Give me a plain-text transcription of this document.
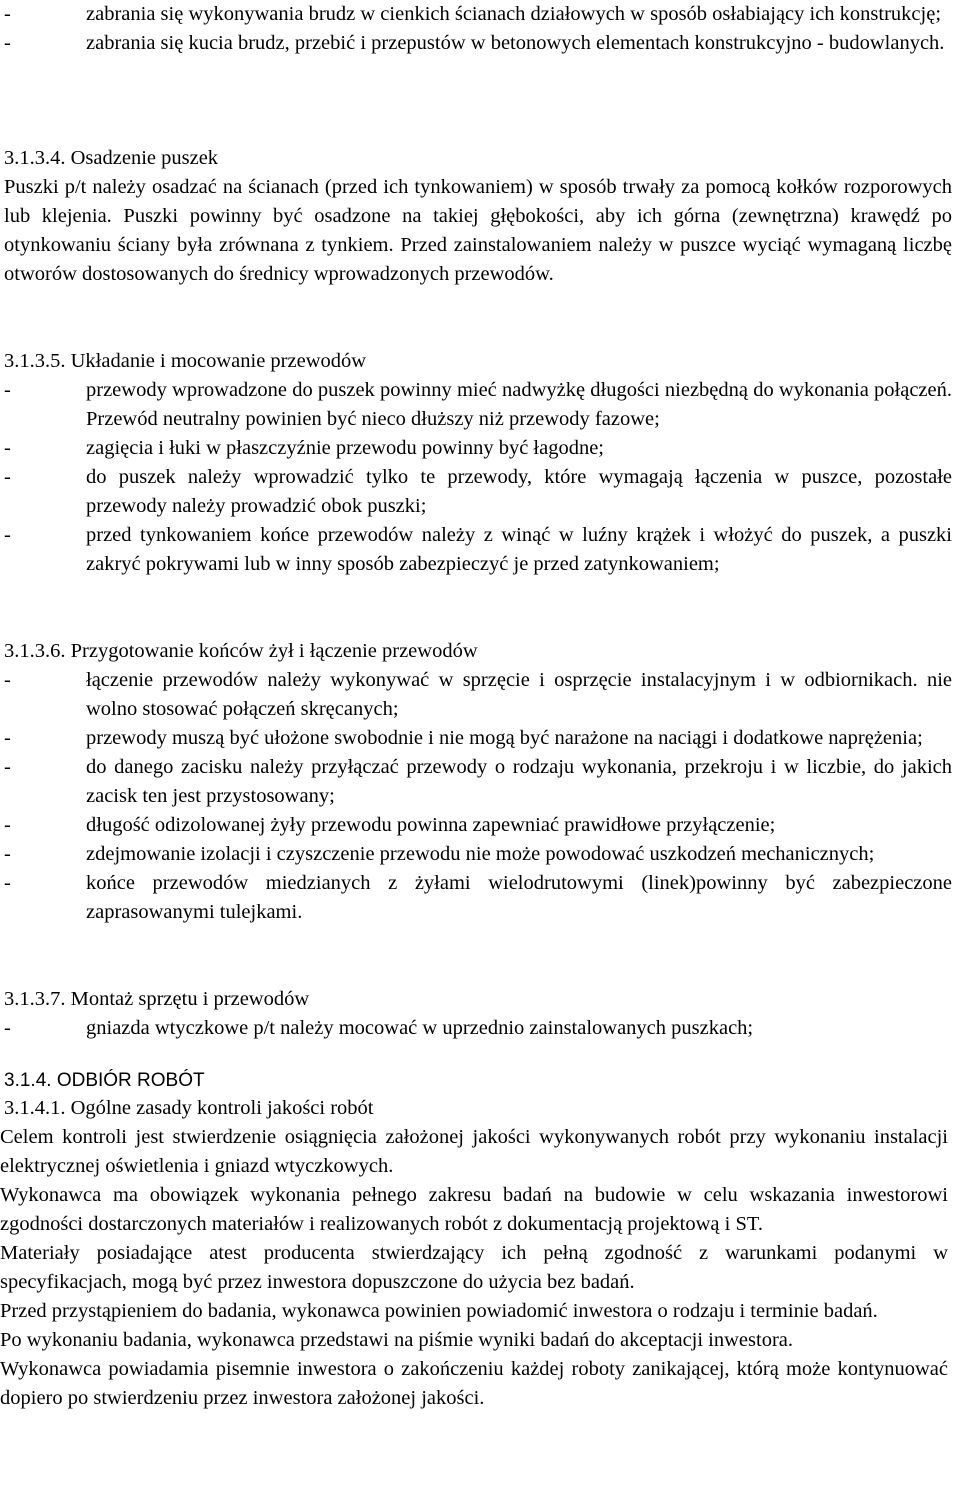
-	zabrania się wykonywania brudz w cienkich ścianach działowych w sposób osłabiający ich konstrukcję;
-	zabrania się kucia brudz, przebić i przepustów w betonowych elementach konstrukcyjno - budowlanych.

3.1.3.4. Osadzenie puszek

Puszki p/t należy osadzać na ścianach (przed ich tynkowaniem) w sposób trwały za pomocą kołków rozporowych lub klejenia. Puszki powinny być osadzone na takiej głębokości, aby ich górna (zewnętrzna) krawędź po otynkowaniu ściany była zrównana z tynkiem. Przed zainstalowaniem należy w puszce wyciąć wymaganą liczbę otworów dostosowanych do średnicy wprowadzonych przewodów.

3.1.3.5. Układanie i mocowanie przewodów

-	przewody wprowadzone do puszek powinny mieć nadwyżkę długości niezbędną do wykonania połączeń. Przewód neutralny powinien być nieco dłuższy niż przewody fazowe;
-	zagięcia i łuki w płaszczyźnie przewodu powinny być łagodne;
-	do puszek należy wprowadzić tylko te przewody, które wymagają łączenia w puszce, pozostałe przewody należy prowadzić obok puszki;
-	przed tynkowaniem końce przewodów należy z winąć w luźny krążek i włożyć do puszek, a puszki zakryć pokrywami lub w inny sposób zabezpieczyć je przed zatynkowaniem;

3.1.3.6. Przygotowanie końców żył i łączenie przewodów

-	łączenie przewodów należy wykonywać w sprzęcie i osprzęcie instalacyjnym i w odbiornikach. nie wolno stosować połączeń skręcanych;
-	przewody muszą być ułożone swobodnie i nie mogą być narażone na naciągi i dodatkowe naprężenia;
-	do danego zacisku należy przyłączać przewody o rodzaju wykonania, przekroju i w liczbie, do jakich zacisk ten jest przystosowany;
-	długość odizolowanej żyły przewodu powinna zapewniać prawidłowe przyłączenie;
-	zdejmowanie izolacji i czyszczenie przewodu nie może powodować uszkodzeń mechanicznych;
-	końce przewodów miedzianych z żyłami wielodrutowymi (linek)powinny być zabezpieczone zaprasowanymi tulejkami.

3.1.3.7. Montaż sprzętu i przewodów

-	gniazda wtyczkowe p/t należy mocować w uprzednio zainstalowanych puszkach;

3.1.4. ODBIÓR ROBÓT

3.1.4.1. Ogólne zasady kontroli jakości robót

Celem kontroli jest stwierdzenie osiągnięcia założonej jakości wykonywanych robót przy wykonaniu instalacji elektrycznej oświetlenia i gniazd wtyczkowych.

Wykonawca ma obowiązek wykonania pełnego zakresu badań na budowie w celu wskazania inwestorowi zgodności dostarczonych materiałów i realizowanych robót z dokumentacją projektową i ST.

Materiały posiadające atest producenta stwierdzający ich pełną zgodność z warunkami podanymi w specyfikacjach, mogą być przez inwestora dopuszczone do użycia bez badań.

Przed przystąpieniem do badania, wykonawca powinien powiadomić inwestora o rodzaju i terminie badań.

Po wykonaniu badania, wykonawca przedstawi na piśmie wyniki badań do akceptacji inwestora.

Wykonawca powiadamia pisemnie inwestora o zakończeniu każdej roboty zanikającej, którą może kontynuować dopiero po stwierdzeniu przez inwestora założonej jakości.
